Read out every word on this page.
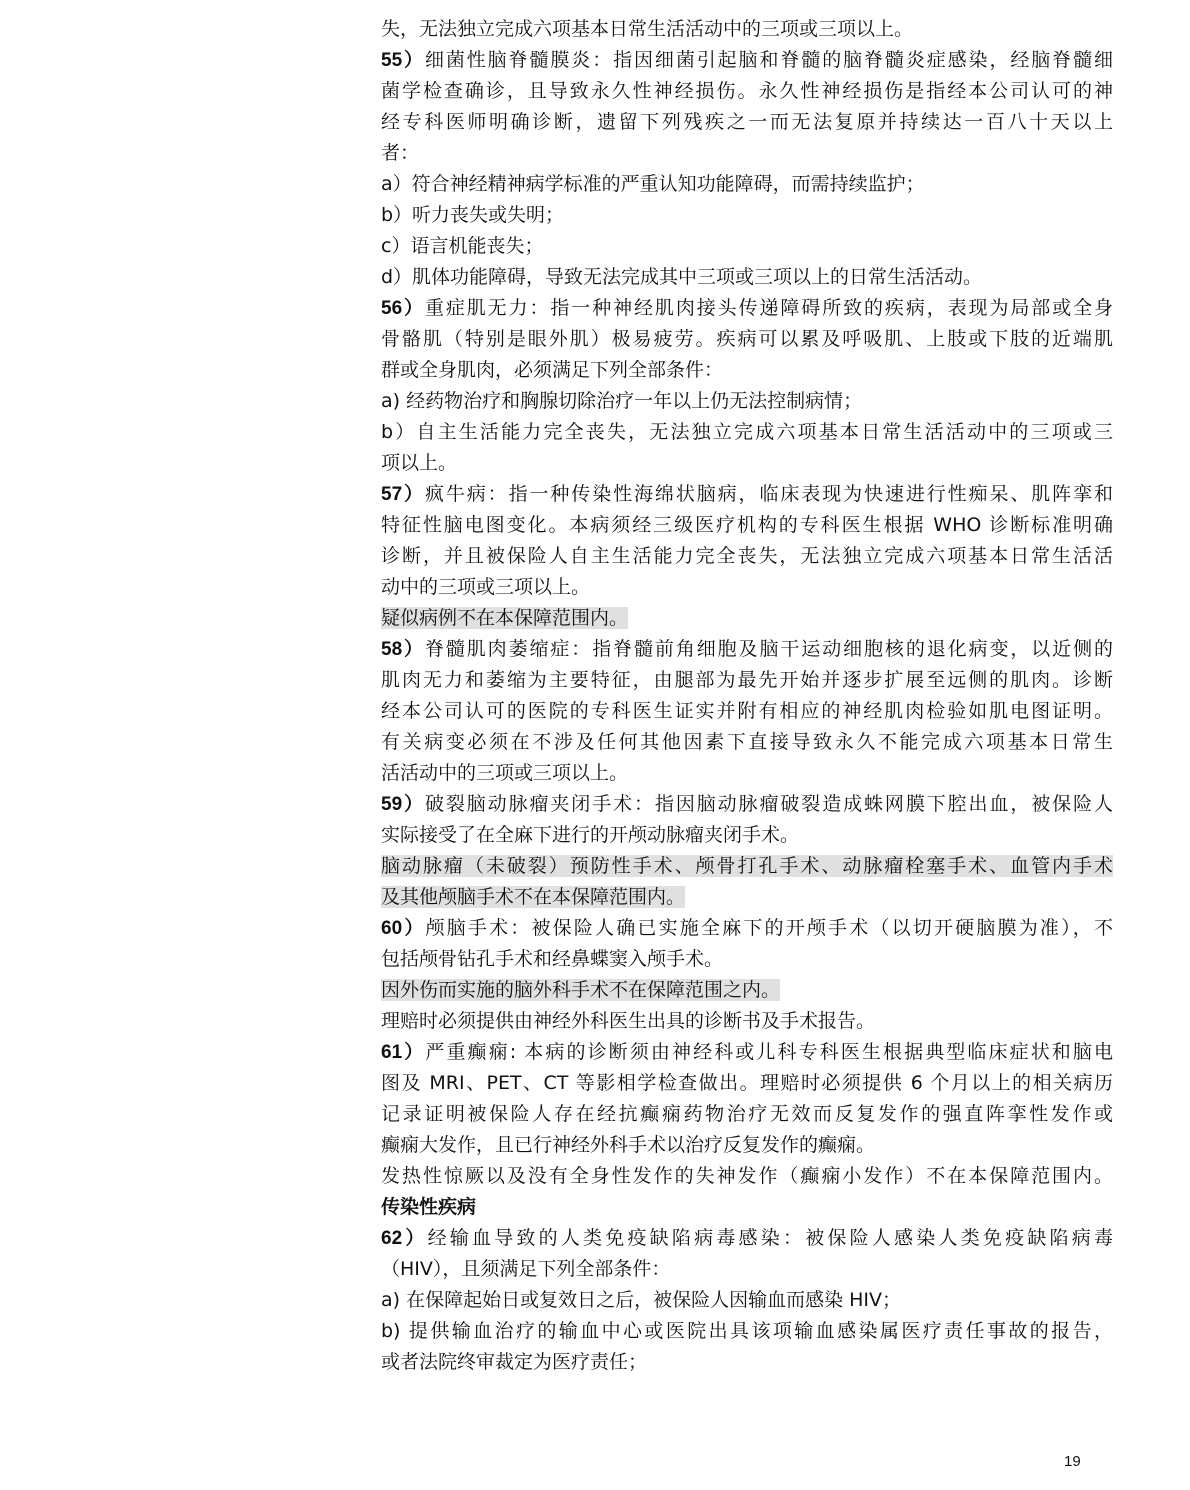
失，无法独立完成六项基本日常生活活动中的三项或三项以上。
55）细菌性脑脊髓膜炎：指因细菌引起脑和脊髓的脑脊髓炎症感染，经脑脊髓细
菌学检查确诊，且导致永久性神经损伤。永久性神经损伤是指经本公司认可的神
经专科医师明确诊断，遗留下列残疾之一而无法复原并持续达一百八十天以上
者：
a）符合神经精神病学标准的严重认知功能障碍，而需持续监护；
b）听力丧失或失明；
c）语言机能丧失；
d）肌体功能障碍，导致无法完成其中三项或三项以上的日常生活活动。
56）重症肌无力：指一种神经肌肉接头传递障碍所致的疾病，表现为局部或全身
骨骼肌（特别是眼外肌）极易疲劳。疾病可以累及呼吸肌、上肢或下肢的近端肌
群或全身肌肉，必须满足下列全部条件：
a) 经药物治疗和胸腺切除治疗一年以上仍无法控制病情；
b）自主生活能力完全丧失，无法独立完成六项基本日常生活活动中的三项或三
项以上。
57）疯牛病：指一种传染性海绵状脑病，临床表现为快速进行性痴呆、肌阵挛和
特征性脑电图变化。本病须经三级医疗机构的专科医生根据 WHO 诊断标准明确
诊断，并且被保险人自主生活能力完全丧失，无法独立完成六项基本日常生活活
动中的三项或三项以上。
疑似病例不在本保障范围内。
58）脊髓肌肉萎缩症：指脊髓前角细胞及脑干运动细胞核的退化病变，以近侧的
肌肉无力和萎缩为主要特征，由腿部为最先开始并逐步扩展至远侧的肌肉。诊断
经本公司认可的医院的专科医生证实并附有相应的神经肌肉检验如肌电图证明。
有关病变必须在不涉及任何其他因素下直接导致永久不能完成六项基本日常生
活活动中的三项或三项以上。
59）破裂脑动脉瘤夹闭手术：指因脑动脉瘤破裂造成蛛网膜下腔出血，被保险人
实际接受了在全麻下进行的开颅动脉瘤夹闭手术。
脑动脉瘤（未破裂）预防性手术、颅骨打孔手术、动脉瘤栓塞手术、血管内手术
及其他颅脑手术不在本保障范围内。
60）颅脑手术：被保险人确已实施全麻下的开颅手术（以切开硬脑膜为准），不
包括颅骨钻孔手术和经鼻蝶窦入颅手术。
因外伤而实施的脑外科手术不在保障范围之内。
理赔时必须提供由神经外科医生出具的诊断书及手术报告。
61）严重癫痫: 本病的诊断须由神经科或儿科专科医生根据典型临床症状和脑电
图及 MRI、PET、CT 等影相学检查做出。理赔时必须提供 6 个月以上的相关病历
记录证明被保险人存在经抗癫痫药物治疗无效而反复发作的强直阵挛性发作或
癫痫大发作，且已行神经外科手术以治疗反复发作的癫痫。
发热性惊厥以及没有全身性发作的失神发作（癫痫小发作）不在本保障范围内。
传染性疾病
62）经输血导致的人类免疫缺陷病毒感染：被保险人感染人类免疫缺陷病毒
（HIV），且须满足下列全部条件：
a) 在保障起始日或复效日之后，被保险人因输血而感染 HIV；
b) 提供输血治疗的输血中心或医院出具该项输血感染属医疗责任事故的报告，
或者法院终审裁定为医疗责任；
19
